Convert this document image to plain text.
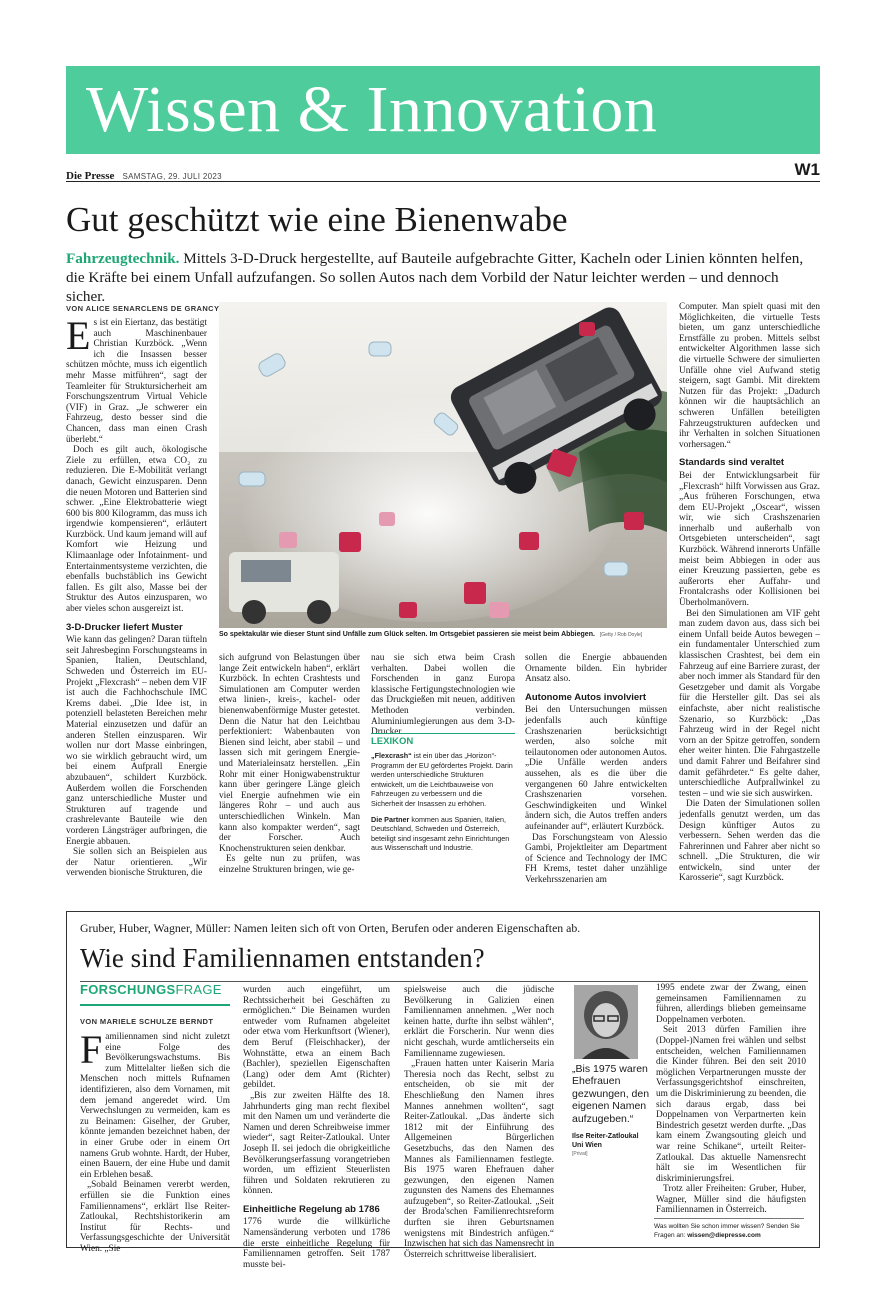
Wissen & Innovation
Die Presse SAMSTAG, 29. JULI 2023	W1
Gut geschützt wie eine Bienenwabe
Fahrzeugtechnik. Mittels 3-D-Druck hergestellte, auf Bauteile aufgebrachte Gitter, Kacheln oder Linien könnten helfen, die Kräfte bei einem Unfall aufzufangen. So sollen Autos nach dem Vorbild der Natur leichter werden – und dennoch sicher.
VON ALICE SENARCLENS DE GRANCY

Es ist ein Eiertanz, das bestätigt auch Maschinenbauer Christian Kurzböck. „Wenn ich die Insassen besser schützen möchte, muss ich eigentlich mehr Masse mitführen“, sagt der Teamleiter für Struktursicherheit am Forschungszentrum Virtual Vehicle (VIF) in Graz. „Je schwerer ein Fahrzeug, desto besser sind die Chancen, dass man einen Crash überlebt.“

Doch es gilt auch, ökologische Ziele zu erfüllen, etwa CO₂ zu reduzieren. Die E-Mobilität verlangt danach, Gewicht einzusparen. Denn die neuen Motoren und Batterien sind schwer. „Eine Elektrobatterie wiegt 600 bis 800 Kilogramm, das muss ich irgendwie kompensieren“, erläutert Kurzböck. Und kaum jemand will auf Komfort wie Heizung und Klimaanlage oder Infotainment- und Entertainmentsysteme verzichten, die ebenfalls buchstäblich ins Gewicht fallen. Es gilt also, Masse bei der Struktur des Autos einzusparen, wo aber vieles schon ausgereizt ist.

3-D-Drucker liefert Muster

Wie kann das gelingen? Daran tüfteln seit Jahresbeginn Forschungsteams in Spanien, Italien, Deutschland, Schweden und Österreich im EU-Projekt „Flexcrash“ – neben dem VIF ist auch die Fachhochschule IMC Krems dabei. „Die Idee ist, in potenziell belasteten Bereichen mehr Material einzusetzen und dafür an anderen Stellen einzusparen. Wir wollen nur dort Masse einbringen, wo sie wirklich gebraucht wird, um bei einem Aufprall Energie abzubauen“, schildert Kurzböck. Außerdem wollen die Forschenden ganz unterschiedliche Muster und Strukturen auf tragende und crashrelevante Bauteile wie den vorderen Längsträger aufbringen, die Energie abbauen.

Sie sollen sich an Beispielen aus der Natur orientieren. „Wir verwenden bionische Strukturen, die

So spektakulär wie dieser Stunt sind Unfälle zum Glück selten. Im Ortsgebiet passieren sie meist beim Abbiegen. [Getty / Rob Doyle]

sich aufgrund von Belastungen über lange Zeit entwickeln haben“, erklärt Kurzböck. In echten Crashtests und Simulationen am Computer werden etwa linien-, kreis-, kachel- oder bienenwabenförmige Muster getestet. Denn die Natur hat den Leichtbau perfektioniert: Wabenbauten von Bienen sind leicht, aber stabil – und lassen sich mit geringem Energie- und Materialeinsatz herstellen. „Ein Rohr mit einer Honigwabenstruktur kann über geringere Länge gleich viel Energie aufnehmen wie ein längeres Rohr – und auch aus unterschiedlichen Winkeln. Man kann also kompakter werden“, sagt der Forscher. Auch Knochenstrukturen seien denkbar.

Es gelte nun zu prüfen, was einzelne Strukturen bringen, wie ge-

nau sie sich etwa beim Crash verhalten. Dabei wollen die Forschenden in ganz Europa klassische Fertigungstechnologien wie das Druckgießen mit neuen, additiven Methoden verbinden. Aluminiumlegierungen aus dem 3-D-Drucker

LEXIKON
„Flexcrash“ ist ein über das „Horizon“-Programm der EU gefördertes Projekt. Darin werden unterschiedliche Strukturen entwickelt, um die Leichtbauweise von Fahrzeugen zu verbessern und die Sicherheit der Insassen zu erhöhen.
Die Partner kommen aus Spanien, Italien, Deutschland, Schweden und Österreich, beteiligt sind insgesamt zehn Einrichtungen aus Wissenschaft und Industrie.

sollen die Energie abbauenden Ornamente bilden. Ein hybrider Ansatz also.

Autonome Autos involviert

Bei den Untersuchungen müssen jedenfalls auch künftige Crashszenarien berücksichtigt werden, also solche mit teilautonomen oder autonomen Autos. „Die Unfälle werden anders aussehen, als es die über die vergangenen 60 Jahre entwickelten Crashszenarien vorsehen. Geschwindigkeiten und Winkel ändern sich, die Autos treffen anders aufeinander auf“, erläutert Kurzböck.

Das Forschungsteam von Alessio Gambi, Projektleiter am Department of Science and Technology der IMC FH Krems, testet daher unzählige Verkehrsszenarien am

Computer. Man spielt quasi mit den Möglichkeiten, die virtuelle Tests bieten, um ganz unterschiedliche Ernstfälle zu proben. Mittels selbst entwickelter Algorithmen lasse sich die virtuelle Schwere der simulierten Unfälle ohne viel Aufwand stetig steigern, sagt Gambi. Mit direktem Nutzen für das Projekt: „Dadurch können wir die hauptsächlich an schweren Unfällen beteiligten Fahrzeugstrukturen aufdecken und ihr Verhalten in solchen Situationen vorhersagen.“

Standards sind veraltet

Bei der Entwicklungsarbeit für „Flexcrash“ hilft Vorwissen aus Graz. „Aus früheren Forschungen, etwa dem EU-Projekt „Oscear“, wissen wir, wie sich Crashszenarien innerhalb und außerhalb von Ortsgebieten unterscheiden“, sagt Kurzböck. Während innerorts Unfälle meist beim Abbiegen in oder aus einer Kreuzung passierten, gebe es außerorts eher Auffahr- und Frontalcrashs oder Kollisionen bei Überholmanövern.

Bei den Simulationen am VIF geht man zudem davon aus, dass sich bei einem Unfall beide Autos bewegen – ein fundamentaler Unterschied zum klassischen Crashtest, bei dem ein Fahrzeug auf eine Barriere zurast, der aber noch immer als Standard für den Gesetzgeber und damit als Vorgabe für die Hersteller gilt. Das sei als einfachste, aber nicht realistische Szenario, so Kurzböck: „Das Fahrzeug wird in der Regel nicht vorn an der Spitze getroffen, sondern eher weiter hinten. Die Fahrgastzelle und damit Fahrer und Beifahrer sind damit gefährdeter.“ Es gelte daher, unterschiedliche Aufprallwinkel zu testen – und wie sie sich auswirken.

Die Daten der Simulationen sollen jedenfalls genutzt werden, um das Design künftiger Autos zu verbessern. Sehen werden das die Fahrerinnen und Fahrer aber nicht so schnell. „Die Strukturen, die wir entwickeln, sind unter der Karosserie“, sagt Kurzböck.

Gruber, Huber, Wagner, Müller: Namen leiten sich oft von Orten, Berufen oder anderen Eigenschaften ab.
Wie sind Familiennamen entstanden?
FORSCHUNGSFRAGE
VON MARIELE SCHULZE BERNDT

Familiennamen sind nicht zuletzt eine Folge des Bevölkerungswachstums. Bis zum Mittelalter ließen sich die Menschen noch mittels Rufnamen identifizieren, also dem Vornamen, mit dem jemand angeredet wird. Um Verwechslungen zu vermeiden, kam es zu Beinamen: Giselher, der Gruber, könnte jemanden bezeichnet haben, der in einer Grube oder in einem Ort namens Grub wohnte. Hardt, der Huber, einen Bauern, der eine Hube und damit ein Erblehen besaß.

„Sobald Beinamen vererbt werden, erfüllen sie die Funktion eines Familiennamens“, erklärt Ilse Reiter-Zatloukal, Rechtshistorikerin am Institut für Rechts- und Verfassungsgeschichte der Universität Wien. „Sie

wurden auch eingeführt, um Rechtssicherheit bei Geschäften zu ermöglichen.“ Die Beinamen wurden entweder vom Rufnamen abgeleitet oder etwa vom Herkunftsort (Wiener), dem Beruf (Fleischhacker), der Wohnstätte, etwa an einem Bach (Bachler), speziellen Eigenschaften (Lang) oder dem Amt (Richter) gebildet.

„Bis zur zweiten Hälfte des 18. Jahrhunderts ging man recht flexibel mit den Namen um und veränderte die Namen und deren Schreibweise immer wieder“, sagt Reiter-Zatloukal. Unter Joseph II. sei jedoch die obrigkeitliche Bevölkerungserfassung vorangetrieben worden, um effizient Steuerlisten führen und Soldaten rekrutieren zu können.

Einheitliche Regelung ab 1786

1776 wurde die willkürliche Namensänderung verboten und 1786 die erste einheitliche Regelung für Familiennamen getroffen. Seit 1787 musste bei-

spielsweise auch die jüdische Bevölkerung in Galizien einen Familiennamen annehmen. „Wer noch keinen hatte, durfte ihn selbst wählen“, erklärt die Forscherin. Nur wenn dies nicht geschah, wurde amtlicherseits ein Familienname zugewiesen.

„Frauen hatten unter Kaiserin Maria Theresia noch das Recht, selbst zu entscheiden, ob sie mit der Eheschließung den Namen ihres Mannes annehmen wollten“, sagt Reiter-Zatloukal. „Das änderte sich 1812 mit der Einführung des Allgemeinen Bürgerlichen Gesetzbuchs, das den Namen des Mannes als Familiennamen festlegte. Bis 1975 waren Ehefrauen daher gezwungen, den eigenen Namen zugunsten des Namens des Ehemannes aufzugeben“, so Reiter-Zatloukal. „Seit der Broda'schen Familienrechtsreform durften sie ihren Geburtsnamen wenigstens mit Bindestrich anfügen.“ Inzwischen hat sich das Namensrecht in Österreich schrittweise liberalisiert.

„Bis 1975 waren Ehefrauen gezwungen, den eigenen Namen aufzugeben.“
Ilse Reiter-Zatloukal
Uni Wien
[Privat]

1995 endete zwar der Zwang, einen gemeinsamen Familiennamen zu führen, allerdings blieben gemeinsame Doppelnamen verboten.

Seit 2013 dürfen Familien ihre (Doppel-)Namen frei wählen und selbst entscheiden, welchen Familiennamen die Kinder führen. Bei den seit 2010 möglichen Verpartnerungen musste der Verfassungsgerichtshof einschreiten, um die Diskriminierung zu beenden, die sich daraus ergab, dass bei Doppelnamen von Verpartnerten kein Bindestrich gesetzt werden durfte. „Das kam einem Zwangsouting gleich und war reine Schikane“, urteilt Reiter-Zatloukal. Das aktuelle Namensrecht hält sie im Wesentlichen für diskriminierungsfrei.

Trotz aller Freiheiten: Gruber, Huber, Wagner, Müller sind die häufigsten Familiennamen in Österreich.

Was wollten Sie schon immer wissen? Senden Sie Fragen an: wissen@diepresse.com
